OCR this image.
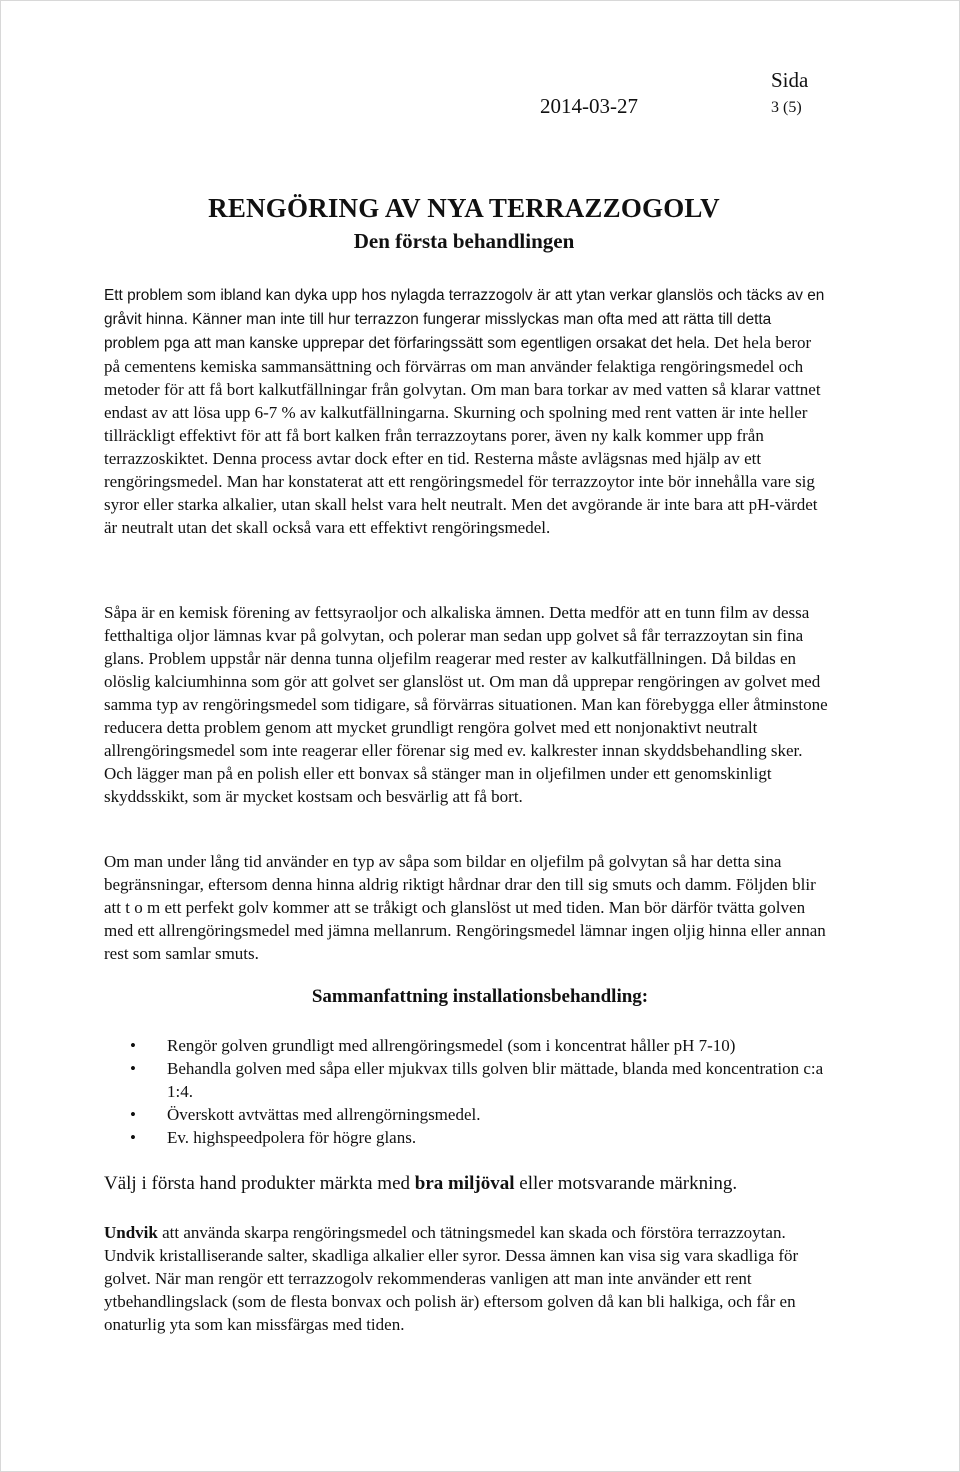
2014-03-27
Sida
3 (5)
RENGÖRING AV NYA TERRAZZOGOLV
Den första behandlingen
Ett problem som ibland kan dyka upp hos nylagda terrazzogolv är att ytan verkar glanslös och täcks av en gråvit hinna. Känner man inte till hur terrazzon fungerar misslyckas man ofta med att rätta till detta problem pga att man kanske upprepar det förfaringssätt som egentligen orsakat det hela. Det hela beror på cementens kemiska sammansättning och förvärras om man använder felaktiga rengöringsmedel och metoder för att få bort kalkutfällningar från golvytan. Om man bara torkar av med vatten så klarar vattnet endast av att lösa upp 6-7 % av kalkutfällningarna. Skurning och spolning med rent vatten är inte heller tillräckligt effektivt för att få bort kalken från terrazzoytans porer, även ny kalk kommer upp från terrazzoskiktet. Denna process avtar dock efter en tid. Resterna måste avlägsnas med hjälp av ett rengöringsmedel. Man har konstaterat att ett rengöringsmedel för terrazzoytor inte bör innehålla vare sig syror eller starka alkalier, utan skall helst vara helt neutralt. Men det avgörande är inte bara att pH-värdet är neutralt utan det skall också vara ett effektivt rengöringsmedel.
Såpa är en kemisk förening av fettsyraoljor och alkaliska ämnen. Detta medför att en tunn film av dessa fetthaltiga oljor lämnas kvar på golvytan, och polerar man sedan upp golvet så får terrazzoytan sin fina glans. Problem uppstår när denna tunna oljefilm reagerar med rester av kalkutfällningen. Då bildas en olöslig kalciumhinna som gör att golvet ser glanslöst ut. Om man då upprepar rengöringen av golvet med samma typ av rengöringsmedel som tidigare, så förvärras situationen. Man kan förebygga eller åtminstone reducera detta problem genom att mycket grundligt rengöra golvet med ett nonjonaktivt neutralt allrengöringsmedel som inte reagerar eller förenar sig med ev. kalkrester innan skyddsbehandling sker. Och lägger man på en polish eller ett bonvax så stänger man in oljefilmen under ett genomskinligt skyddsskikt, som är mycket kostsam och besvärlig att få bort.
Om man under lång tid använder en typ av såpa som bildar en oljefilm på golvytan så har detta sina begränsningar, eftersom denna hinna aldrig riktigt hårdnar drar den till sig smuts och damm. Följden blir att t o m ett perfekt golv kommer att se tråkigt och glanslöst ut med tiden. Man bör därför tvätta golven med ett allrengöringsmedel med jämna mellanrum. Rengöringsmedel lämnar ingen oljig hinna eller annan rest som samlar smuts.
Sammanfattning installationsbehandling:
• Rengör golven grundligt med allrengöringsmedel (som i koncentrat håller pH 7-10)
• Behandla golven med såpa eller mjukvax tills golven blir mättade, blanda med koncentration c:a 1:4.
• Överskott avtvättas med allrengörningsmedel.
• Ev. highspeedpolera för högre glans.
Välj i första hand produkter märkta med bra miljöval eller motsvarande märkning.
Undvik att använda skarpa rengöringsmedel och tätningsmedel kan skada och förstöra terrazzoytan. Undvik kristalliserande salter, skadliga alkalier eller syror. Dessa ämnen kan visa sig vara skadliga för golvet. När man rengör ett terrazzogolv rekommenderas vanligen att man inte använder ett rent ytbehandlingslack (som de flesta bonvax och polish är) eftersom golven då kan bli halkiga, och får en onaturlig yta som kan missfärgas med tiden.
